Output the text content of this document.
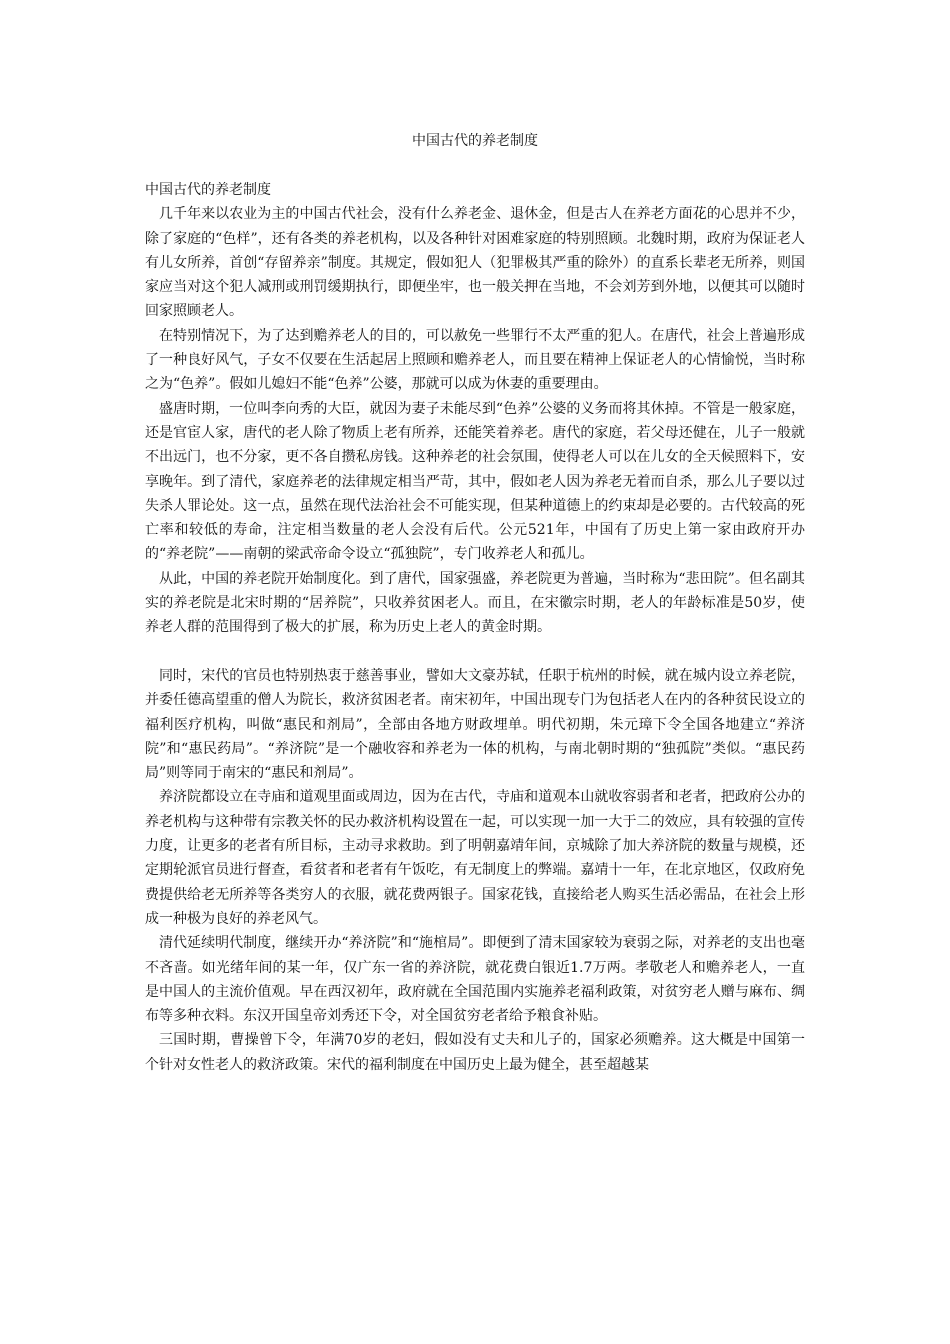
中国古代的养老制度

中国古代的养老制度

几千年来以农业为主的中国古代社会，没有什么养老金、退休金，但是古人在养老方面花的心思并不少，除了家庭的“色样”，还有各类的养老机构，以及各种针对困难家庭的特别照顾。北魏时期，政府为保证老人有儿女所养，首创“存留养亲”制度。其规定，假如犯人（犯罪极其严重的除外）的直系长辈老无所养，则国家应当对这个犯人减刑或刑罚缓期执行，即便坐牢，也一般关押在当地，不会刘芳到外地，以便其可以随时回家照顾老人。

在特别情况下，为了达到赡养老人的目的，可以赦免一些罪行不太严重的犯人。在唐代，社会上普遍形成了一种良好风气，子女不仅要在生活起居上照顾和赡养老人，而且要在精神上保证老人的心情愉悦，当时称之为“色养”。假如儿媳妇不能“色养”公婆，那就可以成为休妻的重要理由。

盛唐时期，一位叫李向秀的大臣，就因为妻子未能尽到“色养”公婆的义务而将其休掉。不管是一般家庭，还是官宦人家，唐代的老人除了物质上老有所养，还能笑着养老。唐代的家庭，若父母还健在，儿子一般就不出远门，也不分家，更不各自攒私房钱。这种养老的社会氛围，使得老人可以在儿女的全天候照料下，安享晚年。到了清代，家庭养老的法律规定相当严苛，其中，假如老人因为养老无着而自杀，那么儿子要以过失杀人罪论处。这一点，虽然在现代法治社会不可能实现，但某种道德上的约束却是必要的。古代较高的死亡率和较低的寿命，注定相当数量的老人会没有后代。公元521年，中国有了历史上第一家由政府开办的“养老院”——南朝的梁武帝命令设立“孤独院”，专门收养老人和孤儿。

从此，中国的养老院开始制度化。到了唐代，国家强盛，养老院更为普遍，当时称为“悲田院”。但名副其实的养老院是北宋时期的“居养院”，只收养贫困老人。而且，在宋徽宗时期，老人的年龄标准是50岁，使养老人群的范围得到了极大的扩展，称为历史上老人的黄金时期。

同时，宋代的官员也特别热衷于慈善事业，譬如大文豪苏轼，任职于杭州的时候，就在城内设立养老院，并委任德高望重的僧人为院长，救济贫困老者。南宋初年，中国出现专门为包括老人在内的各种贫民设立的福利医疗机构，叫做“惠民和剂局”，全部由各地方财政埋单。明代初期，朱元璋下令全国各地建立“养济院”和“惠民药局”。“养济院”是一个融收容和养老为一体的机构，与南北朝时期的“独孤院”类似。“惠民药局”则等同于南宋的“惠民和剂局”。

养济院都设立在寺庙和道观里面或周边，因为在古代，寺庙和道观本山就收容弱者和老者，把政府公办的养老机构与这种带有宗教关怀的民办救济机构设置在一起，可以实现一加一大于二的效应，具有较强的宣传力度，让更多的老者有所目标，主动寻求救助。到了明朝嘉靖年间，京城除了加大养济院的数量与规模，还定期轮派官员进行督查，看贫者和老者有午饭吃，有无制度上的弊端。嘉靖十一年，在北京地区，仅政府免费提供给老无所养等各类穷人的衣服，就花费两银子。国家花钱，直接给老人购买生活必需品，在社会上形成一种极为良好的养老风气。

清代延续明代制度，继续开办“养济院”和“施棺局”。即便到了清末国家较为衰弱之际，对养老的支出也毫不吝啬。如光绪年间的某一年，仅广东一省的养济院，就花费白银近1.7万两。孝敬老人和赡养老人，一直是中国人的主流价值观。早在西汉初年，政府就在全国范围内实施养老福利政策，对贫穷老人赠与麻布、绸布等多种衣料。东汉开国皇帝刘秀还下令，对全国贫穷老者给予粮食补贴。

三国时期，曹操曾下令，年满70岁的老妇，假如没有丈夫和儿子的，国家必须赡养。这大概是中国第一个针对女性老人的救济政策。宋代的福利制度在中国历史上最为健全，甚至超越某
